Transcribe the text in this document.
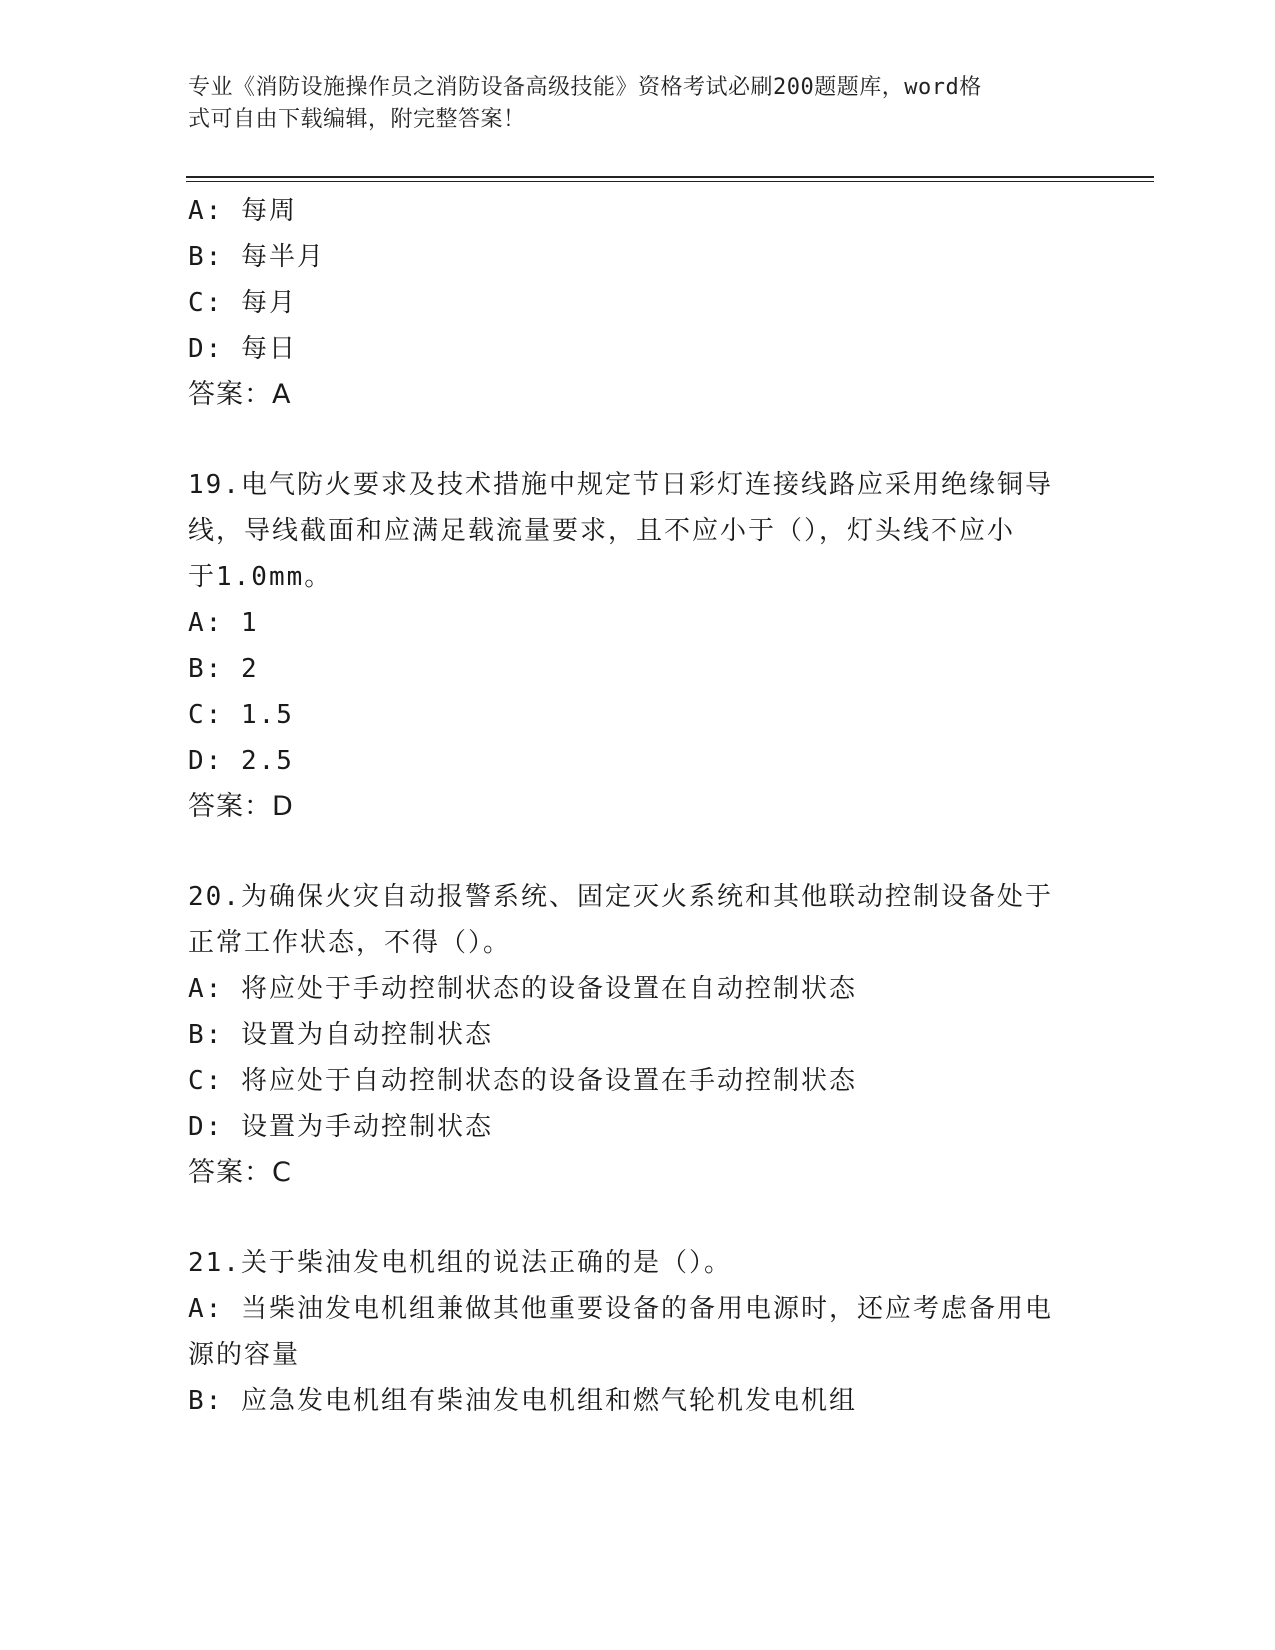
专业《消防设施操作员之消防设备高级技能》资格考试必刷200题题库，word格
式可自由下载编辑，附完整答案！
A: 每周
B: 每半月
C: 每月
D: 每日
答案：A
19.电气防火要求及技术措施中规定节日彩灯连接线路应采用绝缘铜导
线，导线截面和应满足载流量要求，且不应小于（），灯头线不应小
于1.0mm。
A: 1
B: 2
C: 1.5
D: 2.5
答案：D
20.为确保火灾自动报警系统、固定灭火系统和其他联动控制设备处于
正常工作状态，不得（）。
A: 将应处于手动控制状态的设备设置在自动控制状态
B: 设置为自动控制状态
C: 将应处于自动控制状态的设备设置在手动控制状态
D: 设置为手动控制状态
答案：C
21.关于柴油发电机组的说法正确的是（）。
A: 当柴油发电机组兼做其他重要设备的备用电源时，还应考虑备用电
源的容量
B: 应急发电机组有柴油发电机组和燃气轮机发电机组
